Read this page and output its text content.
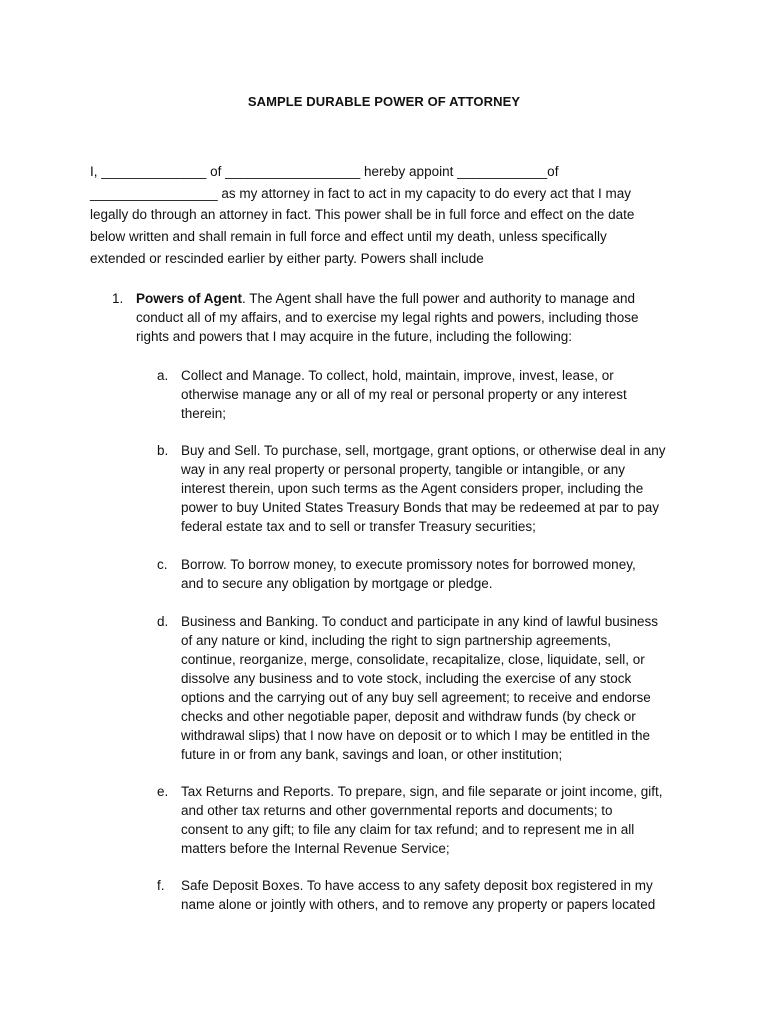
SAMPLE DURABLE POWER OF ATTORNEY
I, ______________ of __________________ hereby appoint ____________of
_________________ as my attorney in fact to act in my capacity to do every act that I may
legally do through an attorney in fact. This power shall be in full force and effect on the date
below written and shall remain in full force and effect until my death, unless specifically
extended or rescinded earlier by either party. Powers shall include
1. Powers of Agent. The Agent shall have the full power and authority to manage and
conduct all of my affairs, and to exercise my legal rights and powers, including those
rights and powers that I may acquire in the future, including the following:
a. Collect and Manage. To collect, hold, maintain, improve, invest, lease, or
otherwise manage any or all of my real or personal property or any interest
therein;
b. Buy and Sell. To purchase, sell, mortgage, grant options, or otherwise deal in any
way in any real property or personal property, tangible or intangible, or any
interest therein, upon such terms as the Agent considers proper, including the
power to buy United States Treasury Bonds that may be redeemed at par to pay
federal estate tax and to sell or transfer Treasury securities;
c. Borrow. To borrow money, to execute promissory notes for borrowed money,
and to secure any obligation by mortgage or pledge.
d. Business and Banking. To conduct and participate in any kind of lawful business
of any nature or kind, including the right to sign partnership agreements,
continue, reorganize, merge, consolidate, recapitalize, close, liquidate, sell, or
dissolve any business and to vote stock, including the exercise of any stock
options and the carrying out of any buy sell agreement; to receive and endorse
checks and other negotiable paper, deposit and withdraw funds (by check or
withdrawal slips) that I now have on deposit or to which I may be entitled in the
future in or from any bank, savings and loan, or other institution;
e. Tax Returns and Reports. To prepare, sign, and file separate or joint income, gift,
and other tax returns and other governmental reports and documents; to
consent to any gift; to file any claim for tax refund; and to represent me in all
matters before the Internal Revenue Service;
f. Safe Deposit Boxes. To have access to any safety deposit box registered in my
name alone or jointly with others, and to remove any property or papers located
